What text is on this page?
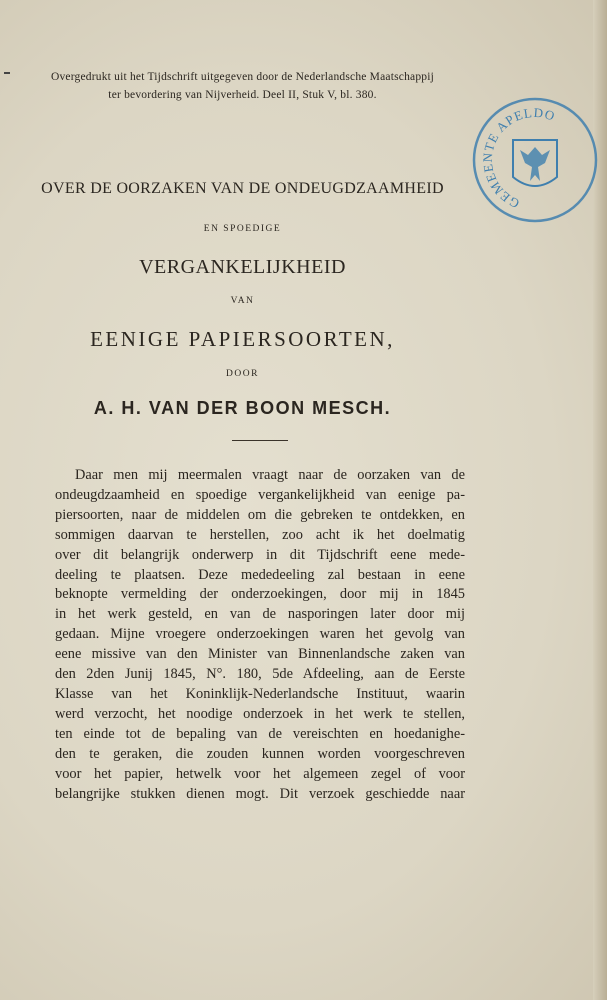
Overgedrukt uit het Tijdschrift uitgegeven door de Nederlandsche Maatschappij
ter bevordering van Nijverheid. Deel II, Stuk V, bl. 380.
OVER DE OORZAKEN VAN DE ONDEUGDZAAMHEID
EN SPOEDIGE
VERGANKELIJKHEID
VAN
EENIGE PAPIERSOORTEN,
DOOR
A. H. VAN DER BOON MESCH.
GEMEENTE APELDOORN.
Daar men mij meermalen vraagt naar de oorzaken van de
ondeugdzaamheid en spoedige vergankelijkheid van eenige pa-
piersoorten, naar de middelen om die gebreken te ontdekken, en
sommigen daarvan te herstellen, zoo acht ik het doelmatig
over dit belangrijk onderwerp in dit Tijdschrift eene mede-
deeling te plaatsen. Deze mededeeling zal bestaan in eene
beknopte vermelding der onderzoekingen, door mij in 1845
in het werk gesteld, en van de nasporingen later door mij
gedaan. Mijne vroegere onderzoekingen waren het gevolg van
eene missive van den Minister van Binnenlandsche zaken van
den 2den Junij 1845, N°. 180, 5de Afdeeling, aan de Eerste
Klasse van het Koninklijk-Nederlandsche Instituut, waarin
werd verzocht, het noodige onderzoek in het werk te stellen,
ten einde tot de bepaling van de vereischten en hoedanighe-
den te geraken, die zouden kunnen worden voorgeschreven
voor het papier, hetwelk voor het algemeen zegel of voor
belangrijke stukken dienen mogt. Dit verzoek geschiedde naar
